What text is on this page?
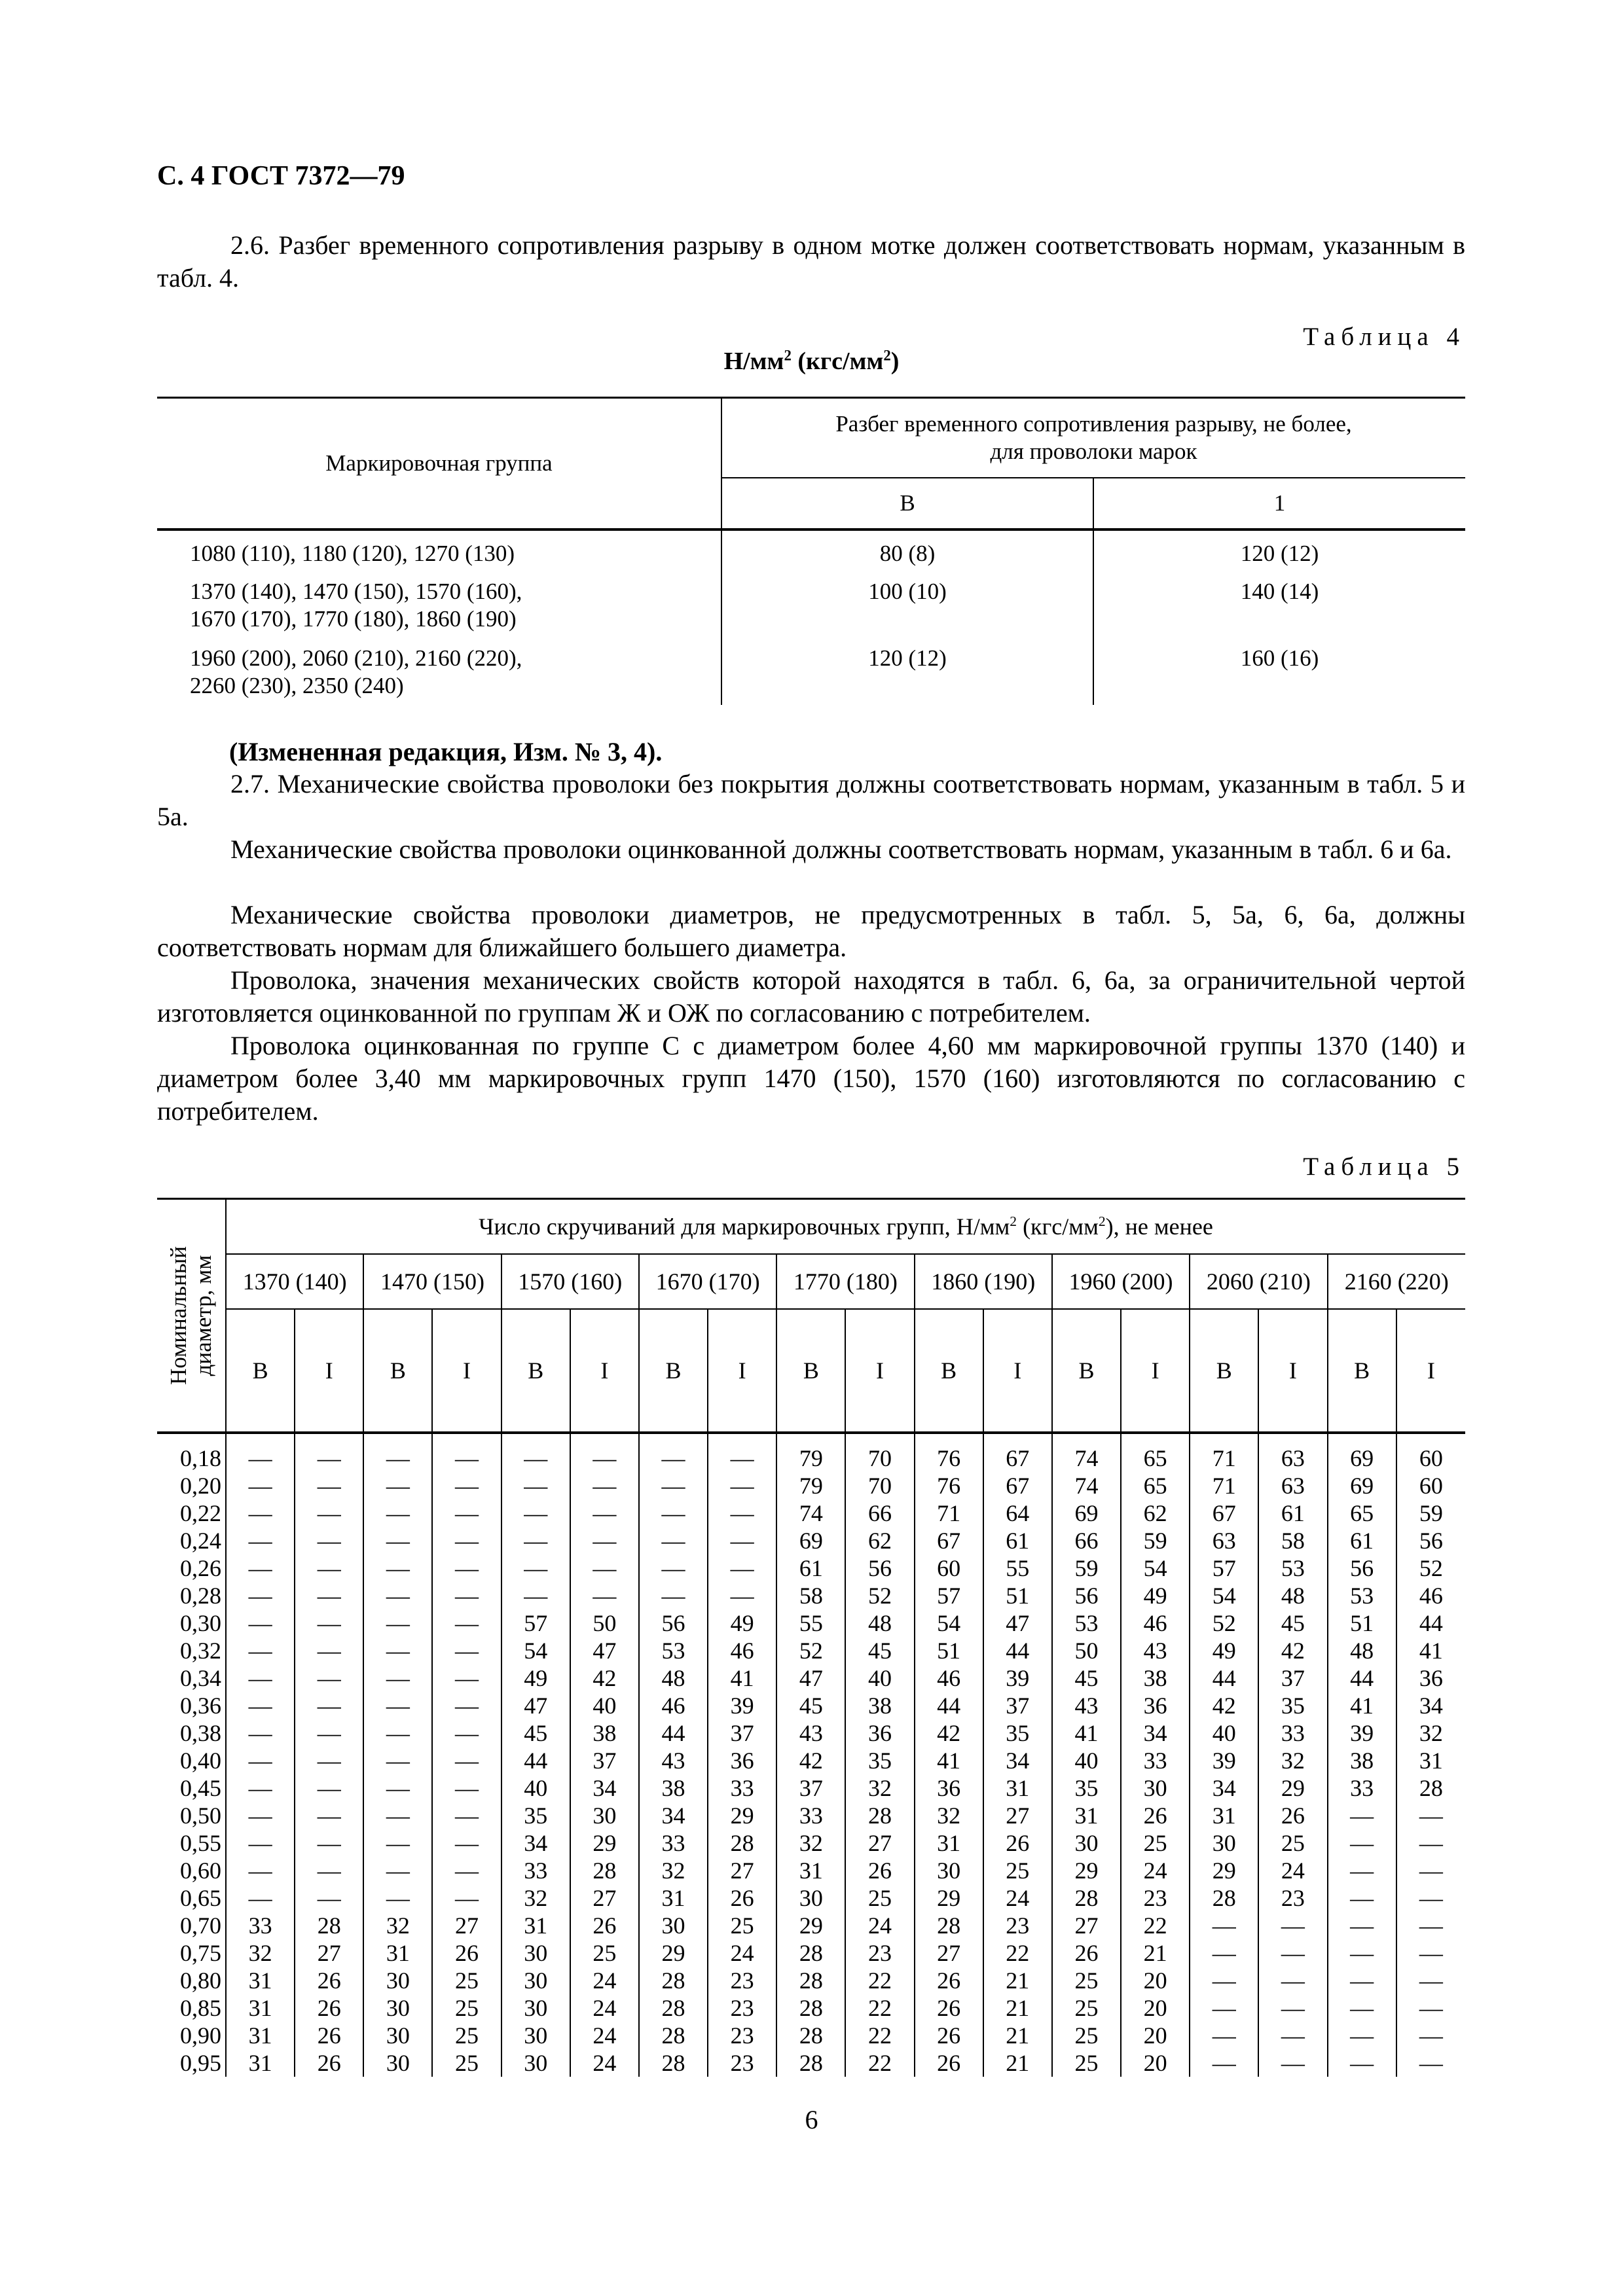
С. 4 ГОСТ 7372—79
2.6. Разбег временного сопротивления разрыву в одном мотке должен соответствовать нормам, указанным в табл. 4.
Таблица 4
$Н/мм^2$ $(кгс/мм^2)$
Маркировочная группа	Разбег временного сопротивления разрыву, не более,
для проволоки марок	
	В	1
1080 (110), 1180 (120), 1270 (130)	80 (8)	120 (12)
1370 (140), 1470 (150), 1570 (160),
1670 (170), 1770 (180), 1860 (190)	100 (10)	140 (14)
1960 (200), 2060 (210), 2160 (220),
2260 (230), 2350 (240)	120 (12)	160 (16)
(Измененная редакция, Изм. № 3, 4).
2.7. Механические свойства проволоки без покрытия должны соответствовать нормам, указанным в табл. 5 и 5а.
Механические свойства проволоки оцинкованной должны соответствовать нормам, указанным в табл. 6 и 6а.
Механические свойства проволоки диаметров, не предусмотренных в табл. 5, 5а, 6, 6а, должны соответствовать нормам для ближайшего большего диаметра.
Проволока, значения механических свойств которой находятся в табл. 6, 6а, за ограничительной чертой изготовляется оцинкованной по группам Ж и ОЖ по согласованию с потребителем.
Проволока оцинкованная по группе С с диаметром более 4,60 мм маркировочной группы 1370 (140) и диаметром более 3,40 мм маркировочных групп 1470 (150), 1570 (160) изготовляются по согласованию с потребителем.
Таблица 5
Номинальный
диаметр, мм	Число скручиваний для маркировочных групп, $Н/мм^2$ $(кгс/мм^2)$, не менее																	
	1370 (140)		1470 (150)		1570 (160)		1670 (170)		1770 (180)		1860 (190)		1960 (200)		2060 (210)		2160 (220)	
	В	I	В	I	В	I	В	I	В	I	В	I	В	I	В	I	В	I
0,18	—	—	—	—	—	—	—	—	79	70	76	67	74	65	71	63	69	60
0,20	—	—	—	—	—	—	—	—	79	70	76	67	74	65	71	63	69	60
0,22	—	—	—	—	—	—	—	—	74	66	71	64	69	62	67	61	65	59
0,24	—	—	—	—	—	—	—	—	69	62	67	61	66	59	63	58	61	56
0,26	—	—	—	—	—	—	—	—	61	56	60	55	59	54	57	53	56	52
0,28	—	—	—	—	—	—	—	—	58	52	57	51	56	49	54	48	53	46
0,30	—	—	—	—	57	50	56	49	55	48	54	47	53	46	52	45	51	44
0,32	—	—	—	—	54	47	53	46	52	45	51	44	50	43	49	42	48	41
0,34	—	—	—	—	49	42	48	41	47	40	46	39	45	38	44	37	44	36
0,36	—	—	—	—	47	40	46	39	45	38	44	37	43	36	42	35	41	34
0,38	—	—	—	—	45	38	44	37	43	36	42	35	41	34	40	33	39	32
0,40	—	—	—	—	44	37	43	36	42	35	41	34	40	33	39	32	38	31
0,45	—	—	—	—	40	34	38	33	37	32	36	31	35	30	34	29	33	28
0,50	—	—	—	—	35	30	34	29	33	28	32	27	31	26	31	26	—	—
0,55	—	—	—	—	34	29	33	28	32	27	31	26	30	25	30	25	—	—
0,60	—	—	—	—	33	28	32	27	31	26	30	25	29	24	29	24	—	—
0,65	—	—	—	—	32	27	31	26	30	25	29	24	28	23	28	23	—	—
0,70	33	28	32	27	31	26	30	25	29	24	28	23	27	22	—	—	—	—
0,75	32	27	31	26	30	25	29	24	28	23	27	22	26	21	—	—	—	—
0,80	31	26	30	25	30	24	28	23	28	22	26	21	25	20	—	—	—	—
0,85	31	26	30	25	30	24	28	23	28	22	26	21	25	20	—	—	—	—
0,90	31	26	30	25	30	24	28	23	28	22	26	21	25	20	—	—	—	—
0,95	31	26	30	25	30	24	28	23	28	22	26	21	25	20	—	—	—	—
6
